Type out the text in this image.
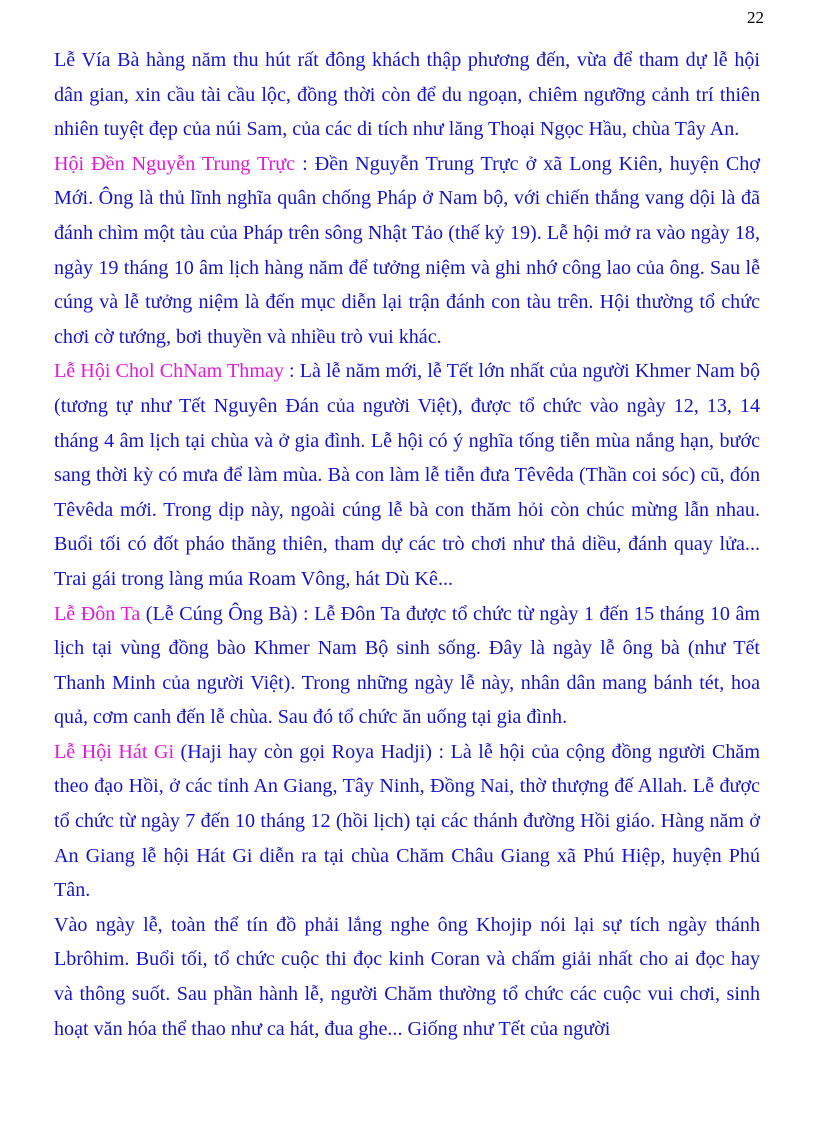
22

Lễ Vía Bà hàng năm thu hút rất đông khách thập phương đến, vừa để tham dự lễ hội dân gian, xin cầu tài cầu lộc, đồng thời còn để du ngoạn, chiêm ngưỡng cảnh trí thiên nhiên tuyệt đẹp của núi Sam, của các di tích như lăng Thoại Ngọc Hầu, chùa Tây An.

Hội Đền Nguyễn Trung Trực : Đền Nguyễn Trung Trực ở xã Long Kiên, huyện Chợ Mới. Ông là thủ lĩnh nghĩa quân chống Pháp ở Nam bộ, với chiến thắng vang dội là đã đánh chìm một tàu của Pháp trên sông Nhật Tảo (thế kỷ 19). Lễ hội mở ra vào ngày 18, ngày 19 tháng 10 âm lịch hàng năm để tưởng niệm và ghi nhớ công lao của ông. Sau lễ cúng và lễ tưởng niệm là đến mục diễn lại trận đánh con tàu trên. Hội thường tổ chức chơi cờ tướng, bơi thuyền và nhiều trò vui khác.

Lễ Hội Chol ChNam Thmay : Là lễ năm mới, lễ Tết lớn nhất của người Khmer Nam bộ (tương tự như Tết Nguyên Đán của người Việt), được tổ chức vào ngày 12, 13, 14 tháng 4 âm lịch tại chùa và ở gia đình. Lễ hội có ý nghĩa tống tiễn mùa nắng hạn, bước sang thời kỳ có mưa để làm mùa. Bà con làm lễ tiễn đưa Têvêda (Thần coi sóc) cũ, đón Têvêda mới. Trong dịp này, ngoài cúng lễ bà con thăm hỏi còn chúc mừng lẫn nhau. Buổi tối có đốt pháo thăng thiên, tham dự các trò chơi như thả diều, đánh quay lửa... Trai gái trong làng múa Roam Vông, hát Dù Kê...

Lễ Đôn Ta (Lễ Cúng Ông Bà) : Lễ Đôn Ta được tổ chức từ ngày 1 đến 15 tháng 10 âm lịch tại vùng đồng bào Khmer Nam Bộ sinh sống. Đây là ngày lễ ông bà (như Tết Thanh Minh của người Việt). Trong những ngày lễ này, nhân dân mang bánh tét, hoa quả, cơm canh đến lễ chùa. Sau đó tổ chức ăn uống tại gia đình.

Lễ Hội Hát Gi (Haji hay còn gọi Roya Hadji) : Là lễ hội của cộng đồng người Chăm theo đạo Hồi, ở các tỉnh An Giang, Tây Ninh, Đồng Nai, thờ thượng đế Allah. Lễ được tổ chức từ ngày 7 đến 10 tháng 12 (hồi lịch) tại các thánh đường Hồi giáo. Hàng năm ở An Giang lễ hội Hát Gi diễn ra tại chùa Chăm Châu Giang xã Phú Hiệp, huyện Phú Tân.

Vào ngày lễ, toàn thể tín đồ phải lắng nghe ông Khojip nói lại sự tích ngày thánh Lbrôhim. Buổi tối, tổ chức cuộc thi đọc kinh Coran và chấm giải nhất cho ai đọc hay và thông suốt. Sau phần hành lễ, người Chăm thường tổ chức các cuộc vui chơi, sinh hoạt văn hóa thể thao như ca hát, đua ghe... Giống như Tết của người
